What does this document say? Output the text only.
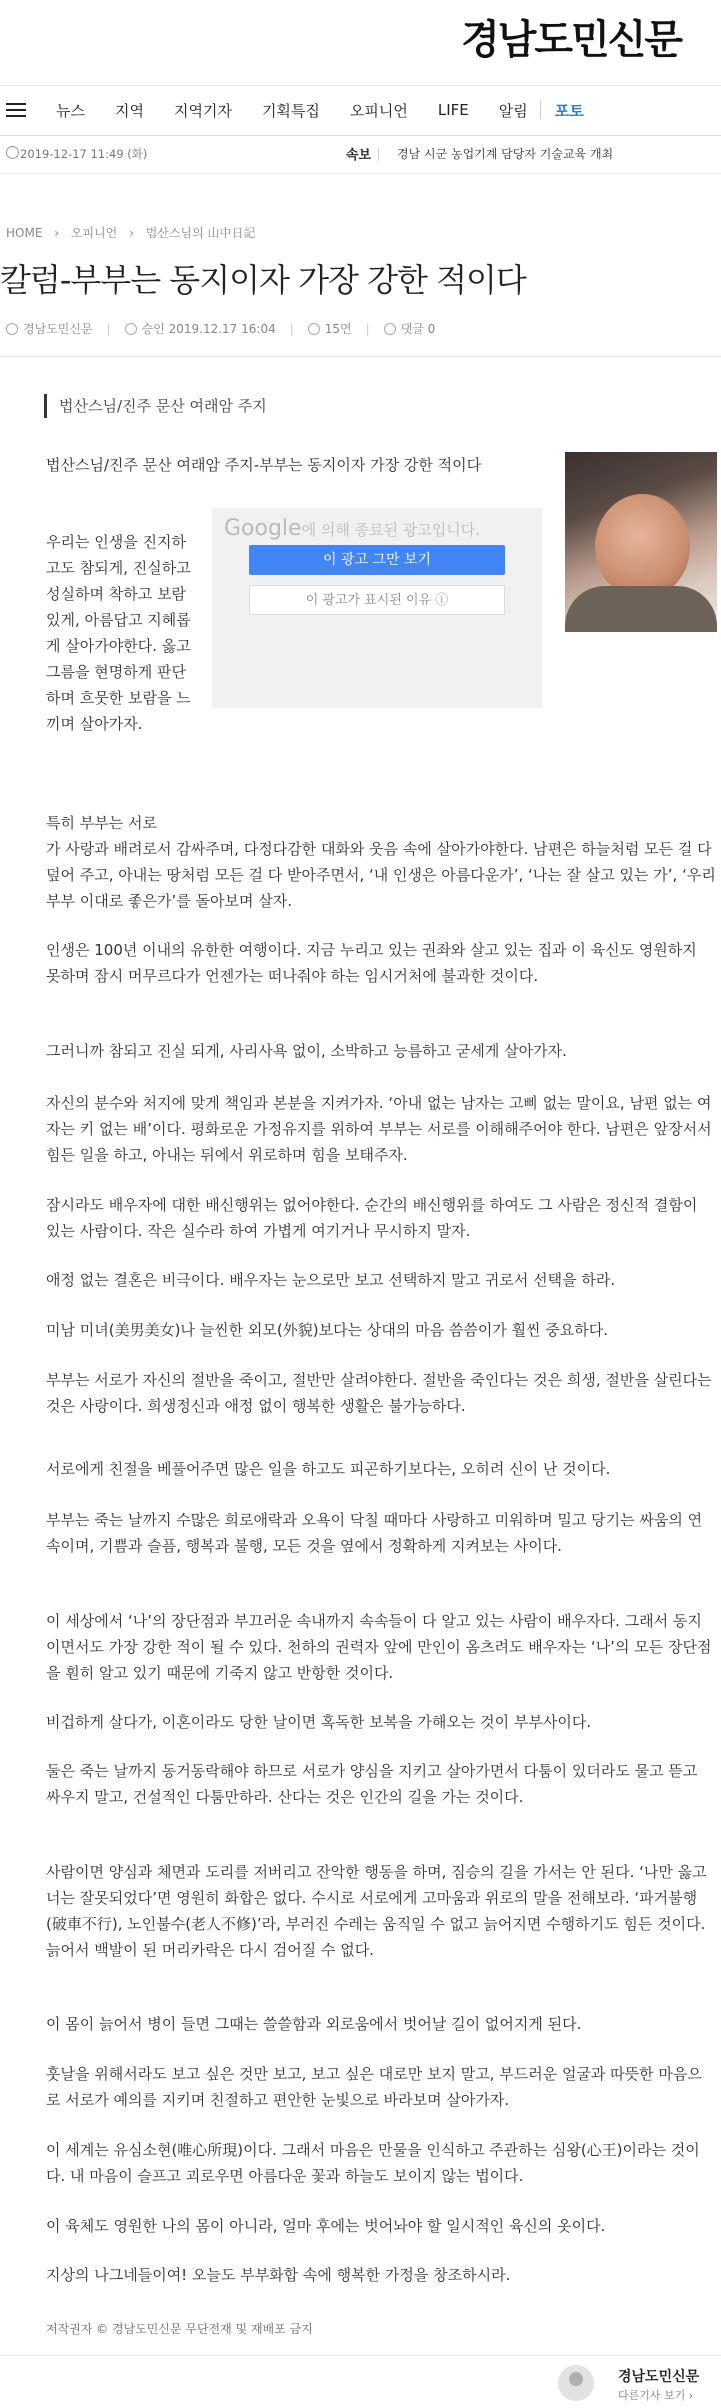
경남도민신문
뉴스 지역 지역기자 기획특집 오피니언 LIFE 알림 포토
2019-12-17 11:49 (화)	속보 경남 시군 농업기계 담당자 기술교육 개최
HOME › 오피니언 › 법산스님의 山中日記
칼럼-부부는 동지이자 가장 강한 적이다
경남도민신문 |	승인 2019.12.17 16:04 |	15면 |	댓글 0
법산스님/진주 문산 여래암 주지

법산스님/진주 문산 여래암 주지-부부는 동지이자 가장 강한 적이다

Google에 의해 종료된 광고입니다.
이 광고 그만 보기
이 광고가 표시된 이유 ⓘ

우리는 인생을 진지하고도 참되게, 진실하고 성실하며 착하고 보람 있게, 아름답고 지혜롭게 살아가야한다. 옳고 그름을 현명하게 판단하며 흐뭇한 보람을 느끼며 살아가자.

특히 부부는 서로

가 사랑과 배려로서 감싸주며, 다정다감한 대화와 웃음 속에 살아가야한다. 남편은 하늘처럼 모든 걸 다 덮어 주고, 아내는 땅처럼 모든 걸 다 받아주면서, ‘내 인생은 아름다운가’, ‘나는 잘 살고 있는 가’, ‘우리부부 이대로 좋은가’를 돌아보며 살자.

인생은 100년 이내의 유한한 여행이다. 지금 누리고 있는 권좌와 살고 있는 집과 이 육신도 영원하지 못하며 잠시 머무르다가 언젠가는 떠나줘야 하는 임시거처에 불과한 것이다.

그러니까 참되고 진실 되게, 사리사욕 없이, 소박하고 능름하고 굳세게 살아가자.

자신의 분수와 처지에 맞게 책임과 본분을 지켜가자. ‘아내 없는 남자는 고삐 없는 말이요, 남편 없는 여자는 키 없는 배’이다. 평화로운 가정유지를 위하여 부부는 서로를 이해해주어야 한다. 남편은 앞장서서 힘든 일을 하고, 아내는 뒤에서 위로하며 힘을 보태주자.

잠시라도 배우자에 대한 배신행위는 없어야한다. 순간의 배신행위를 하여도 그 사람은 정신적 결함이 있는 사람이다. 작은 실수라 하여 가볍게 여기거나 무시하지 말자.

애정 없는 결혼은 비극이다. 배우자는 눈으로만 보고 선택하지 말고 귀로서 선택을 하라.

미남 미녀(美男美女)나 늘씬한 외모(外貌)보다는 상대의 마음 씀씀이가 훨씬 중요하다.

부부는 서로가 자신의 절반을 죽이고, 절반만 살려야한다. 절반을 죽인다는 것은 희생, 절반을 살린다는 것은 사랑이다. 희생정신과 애정 없이 행복한 생활은 불가능하다.

서로에게 친절을 베풀어주면 많은 일을 하고도 피곤하기보다는, 오히려 신이 난 것이다.

부부는 죽는 날까지 수많은 희로애락과 오욕이 닥칠 때마다 사랑하고 미워하며 밀고 당기는 싸움의 연속이며, 기쁨과 슬픔, 행복과 불행, 모든 것을 옆에서 정확하게 지켜보는 사이다.

이 세상에서 ‘나’의 장단점과 부끄러운 속내까지 속속들이 다 알고 있는 사람이 배우자다. 그래서 동지이면서도 가장 강한 적이 될 수 있다. 천하의 권력자 앞에 만인이 옴츠려도 배우자는 ‘나’의 모든 장단점을 훤히 알고 있기 때문에 기죽지 않고 반항한 것이다.

비겁하게 살다가, 이혼이라도 당한 날이면 혹독한 보복을 가해오는 것이 부부사이다.

둘은 죽는 날까지 동거동락해야 하므로 서로가 양심을 지키고 살아가면서 다툼이 있더라도 물고 뜯고 싸우지 말고, 건설적인 다툼만하라. 산다는 것은 인간의 길을 가는 것이다.

사람이면 양심과 체면과 도리를 저버리고 잔악한 행동을 하며, 짐승의 길을 가서는 안 된다. ‘나만 옳고 너는 잘못되었다’면 영원히 화합은 없다. 수시로 서로에게 고마움과 위로의 말을 전해보라. ‘파거불행(破車不行), 노인불수(老人不修)’라, 부러진 수레는 움직일 수 없고 늙어지면 수행하기도 힘든 것이다. 늙어서 백발이 된 머리카락은 다시 검어질 수 없다.

이 몸이 늙어서 병이 들면 그때는 쓸쓸함과 외로움에서 벗어날 길이 없어지게 된다.

훗날을 위해서라도 보고 싶은 것만 보고, 보고 싶은 대로만 보지 말고, 부드러운 얼굴과 따뜻한 마음으로 서로가 예의를 지키며 친절하고 편안한 눈빛으로 바라보며 살아가자.

이 세계는 유심소현(唯心所現)이다. 그래서 마음은 만물을 인식하고 주관하는 심왕(心王)이라는 것이다. 내 마음이 슬프고 괴로우면 아름다운 꽃과 하늘도 보이지 않는 법이다.

이 육체도 영원한 나의 몸이 아니라, 얼마 후에는 벗어놔야 할 일시적인 육신의 옷이다.

지상의 나그네들이여! 오늘도 부부화합 속에 행복한 가정을 창조하시라.

저작권자 © 경남도민신문 무단전재 및 재배포 금지
경남도민신문
다른기사 보기 ›
